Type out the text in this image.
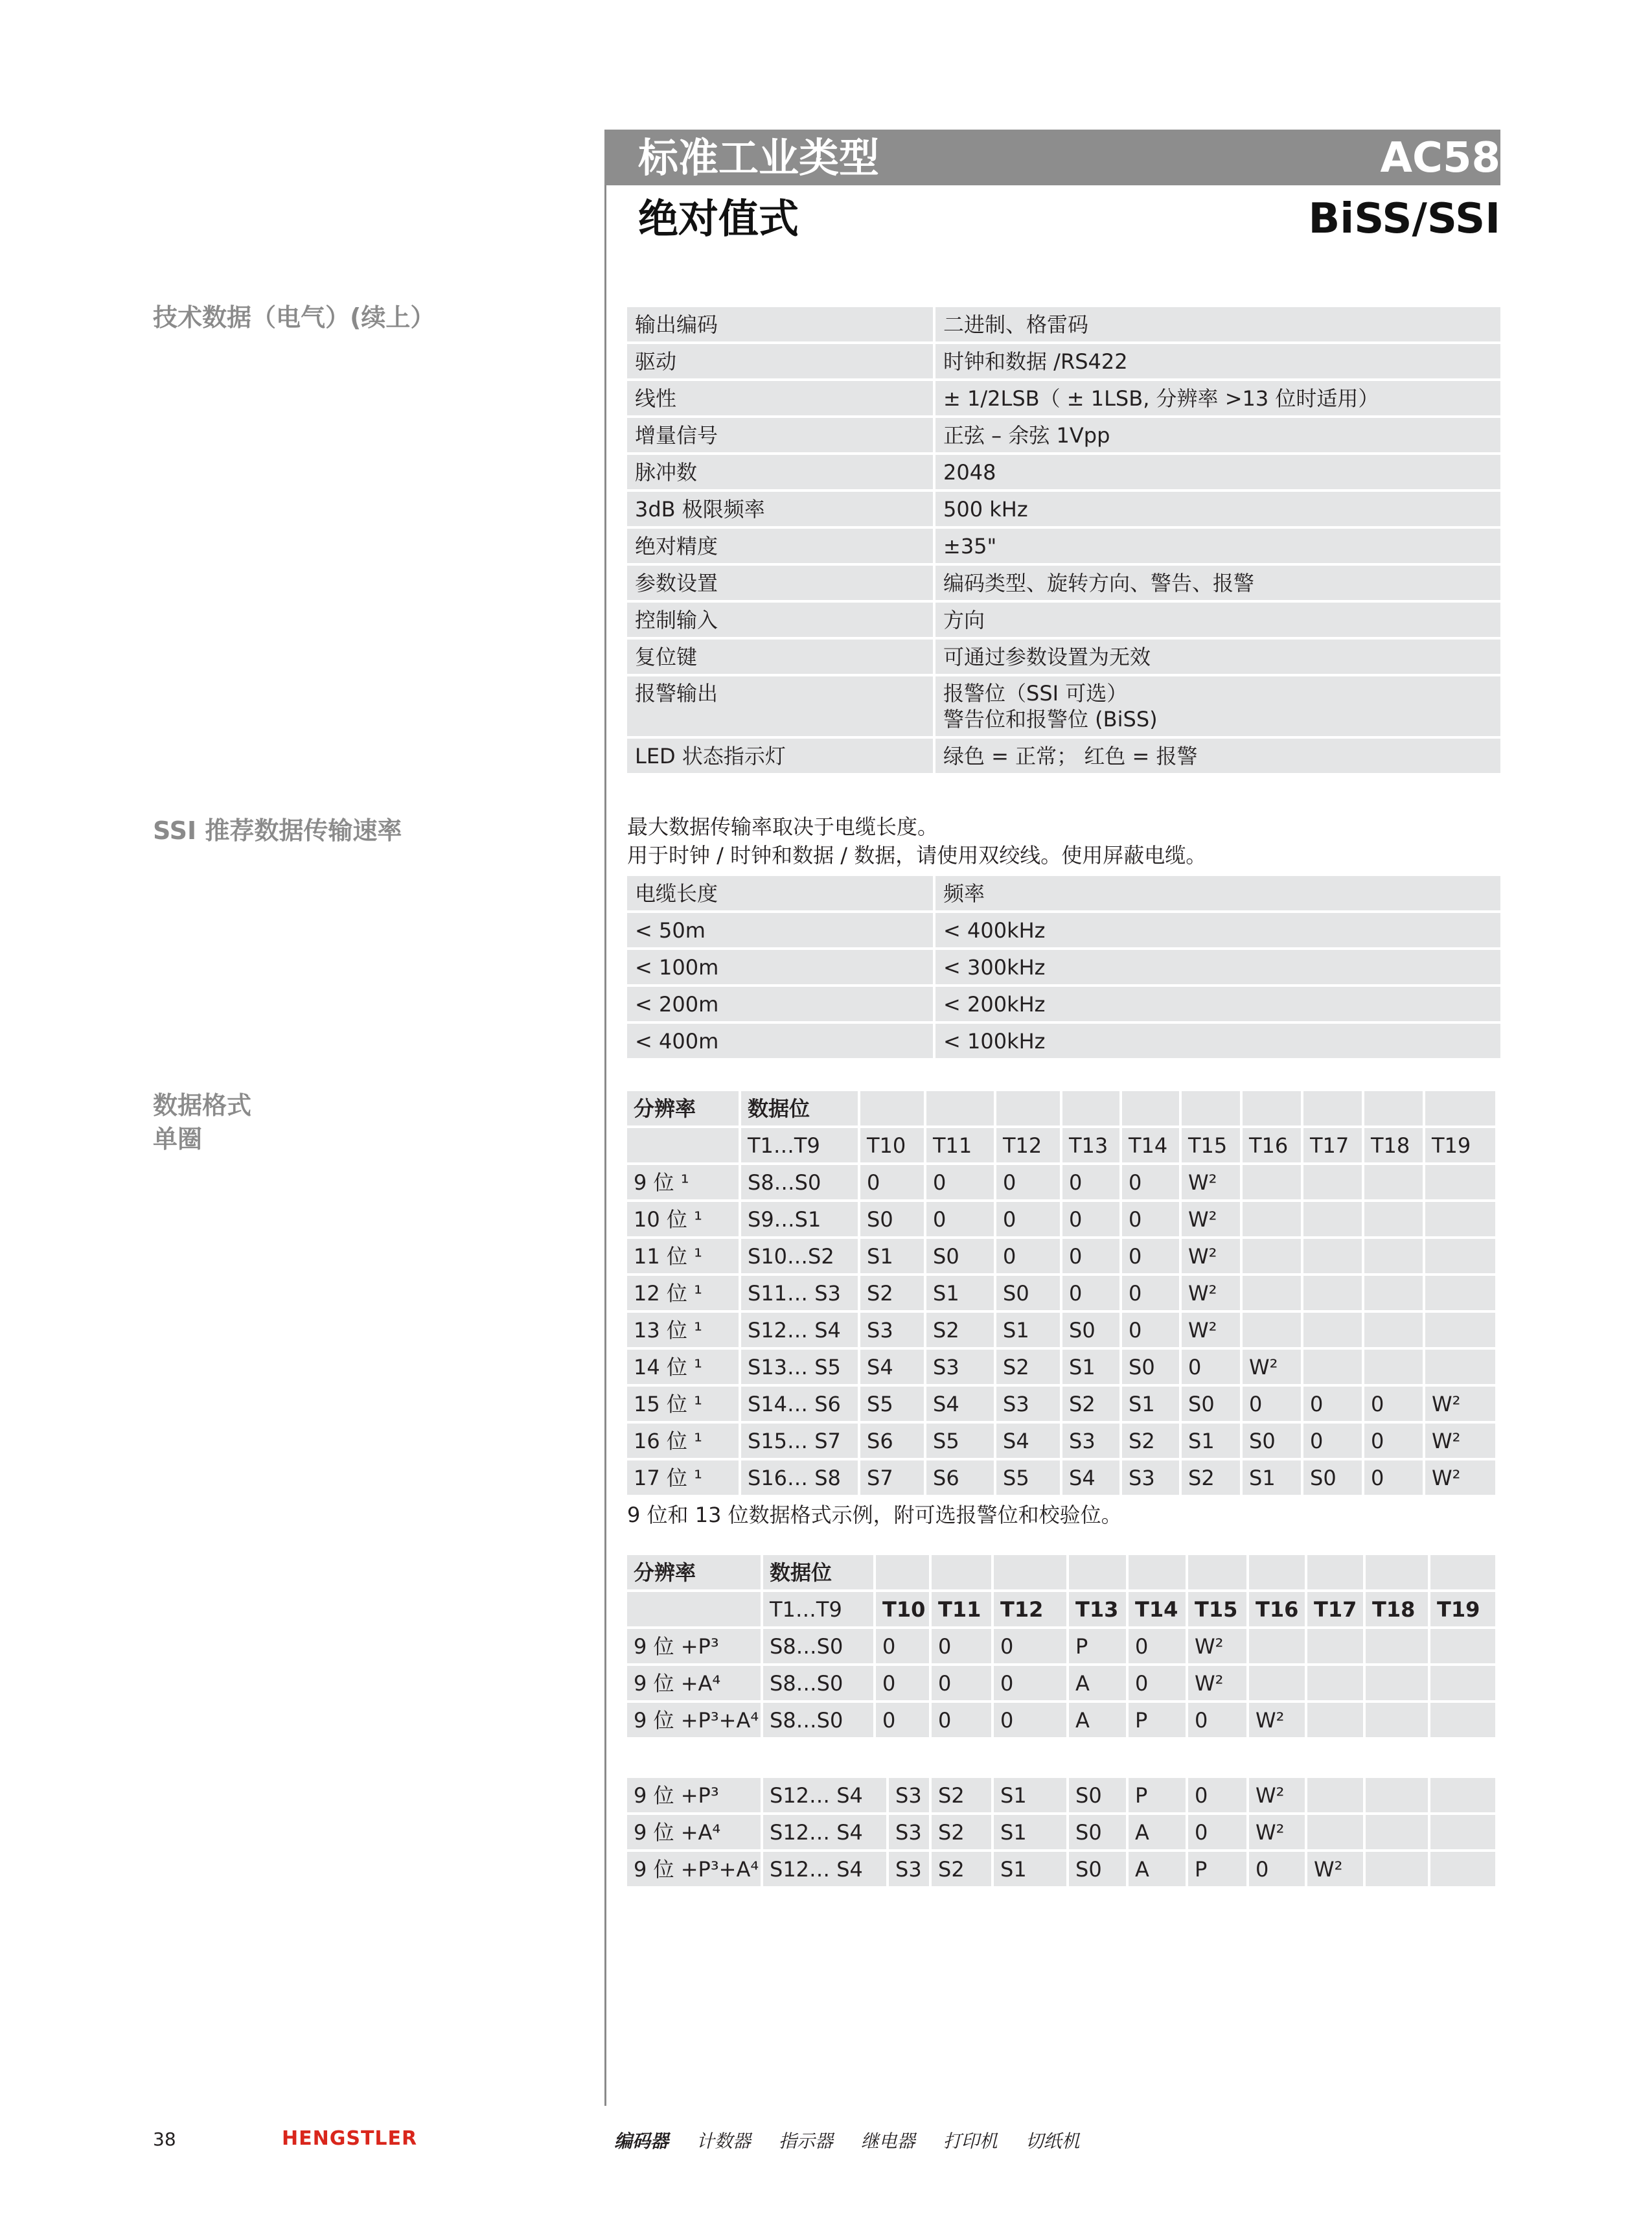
标准工业类型	AC58
绝对值式	BiSS/SSI
技术数据（电气）(续上）
SSI 推荐数据传输速率
数据格式
单圈
输出编码	二进制、格雷码
驱动	时钟和数据 /RS422
线性	± 1/2LSB（ ± 1LSB, 分辨率 >13 位时适用）
增量信号	正弦 – 余弦 1Vpp
脉冲数	2048
3dB 极限频率	500 kHz
绝对精度	±35"
参数设置	编码类型、旋转方向、警告、报警
控制输入	方向
复位键	可通过参数设置为无效
报警输出	报警位（SSI 可选）
警告位和报警位 (BiSS)

LED 状态指示灯	绿色 = 正常； 红色 = 报警
最大数据传输率取决于电缆长度。
用于时钟 / 时钟和数据 / 数据，请使用双绞线。使用屏蔽电缆。
电缆长度	频率
< 50m	< 400kHz
< 100m	< 300kHz
< 200m	< 200kHz
< 400m	< 100kHz
分辨率	数据位										
	T1…T9	T10	T11	T12	T13	T14	T15	T16	T17	T18	T19
9 位 ¹	S8…S0	0	0	0	0	0	W²				
10 位 ¹	S9…S1	S0	0	0	0	0	W²				
11 位 ¹	S10…S2	S1	S0	0	0	0	W²				
12 位 ¹	S11… S3	S2	S1	S0	0	0	W²				
13 位 ¹	S12… S4	S3	S2	S1	S0	0	W²				
14 位 ¹	S13… S5	S4	S3	S2	S1	S0	0	W²			
15 位 ¹	S14… S6	S5	S4	S3	S2	S1	S0	0	0	0	W²
16 位 ¹	S15… S7	S6	S5	S4	S3	S2	S1	S0	0	0	W²
17 位 ¹	S16… S8	S7	S6	S5	S4	S3	S2	S1	S0	0	W²
9 位和 13 位数据格式示例，附可选报警位和校验位。
分辨率	数据位										
	T1…T9	T10	T11	T12	T13	T14	T15	T16	T17	T18	T19
9 位 +P³	S8…S0	0	0	0	P	0	W²				
9 位 +A⁴	S8…S0	0	0	0	A	0	W²				
9 位 +P³+A⁴	S8…S0	0	0	0	A	P	0	W²			
9 位 +P³	S12… S4	S3	S2	S1	S0	P	0	W²			
9 位 +A⁴	S12… S4	S3	S2	S1	S0	A	0	W²			
9 位 +P³+A⁴	S12… S4	S3	S2	S1	S0	A	P	0	W²		
38	HENGSTLER	编码器 计数器 指示器 继电器 打印机 切纸机
